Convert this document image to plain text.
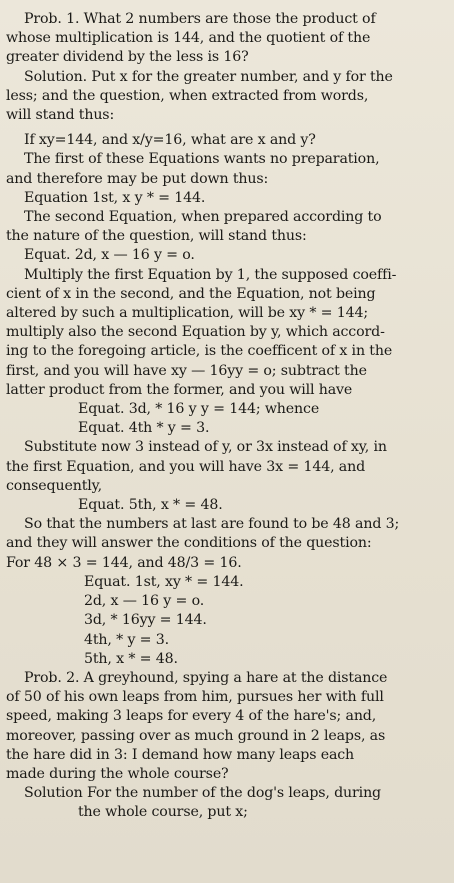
Prob. 1. What 2 numbers are those the product of
whose multiplication is 144, and the quotient of the
greater dividend by the less is 16?
Solution. Put x for the greater number, and y for the
less; and the question, when extracted from words,
will stand thus:
If xy=144, and x/y=16, what are x and y?
The first of these Equations wants no preparation,
and therefore may be put down thus:
Equation 1st, x y * = 144.
The second Equation, when prepared according to
the nature of the question, will stand thus:
Equat. 2d, x — 16 y = o.
Multiply the first Equation by 1, the supposed coeffi-
cient of x in the second, and the Equation, not being
altered by such a multiplication, will be xy * = 144;
multiply also the second Equation by y, which accord-
ing to the foregoing article, is the coefficent of x in the
first, and you will have xy — 16yy = o; subtract the
latter product from the former, and you will have
Equat. 3d, * 16 y y = 144; whence
Equat. 4th * y = 3.
Substitute now 3 instead of y, or 3x instead of xy, in
the first Equation, and you will have 3x = 144, and
consequently,
Equat. 5th, x * = 48.
So that the numbers at last are found to be 48 and 3;
and they will answer the conditions of the question:
For 48 × 3 = 144, and 48/3 = 16.
Equat. 1st, xy * = 144.
2d, x — 16 y = o.
3d, * 16yy = 144.
4th, * y = 3.
5th, x * = 48.
Prob. 2. A greyhound, spying a hare at the distance
of 50 of his own leaps from him, pursues her with full
speed, making 3 leaps for every 4 of the hare's; and,
moreover, passing over as much ground in 2 leaps, as
the hare did in 3: I demand how many leaps each
made during the whole course?
Solution For the number of the dog's leaps, during
the whole course, put x;
